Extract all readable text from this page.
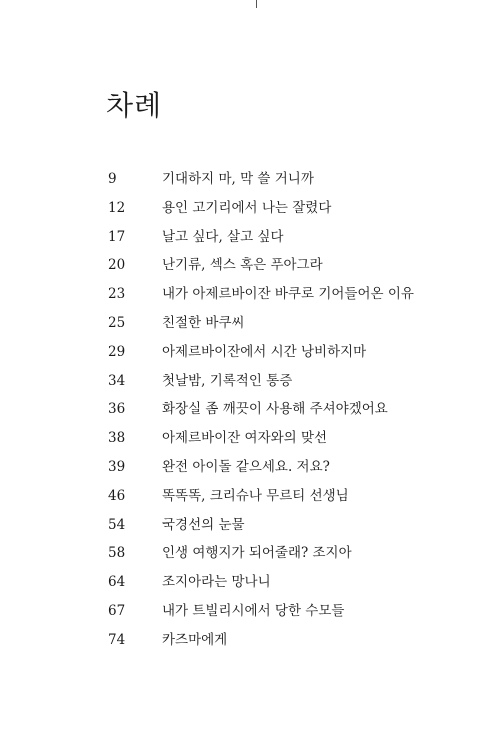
차례
9	기대하지 마, 막 쓸 거니까
12	용인 고기리에서 나는 잘렸다
17	날고 싶다, 살고 싶다
20	난기류, 섹스 혹은 푸아그라
23	내가 아제르바이잔 바쿠로 기어들어온 이유
25	친절한 바쿠씨
29	아제르바이잔에서 시간 낭비하지마
34	첫날밤, 기록적인 통증
36	화장실 좀 깨끗이 사용해 주셔야겠어요
38	아제르바이잔 여자와의 맞선
39	완전 아이돌 같으세요. 저요?
46	똑똑똑, 크리슈나 무르티 선생님
54	국경선의 눈물
58	인생 여행지가 되어줄래? 조지아
64	조지아라는 망나니
67	내가 트빌리시에서 당한 수모들
74	카즈마에게
